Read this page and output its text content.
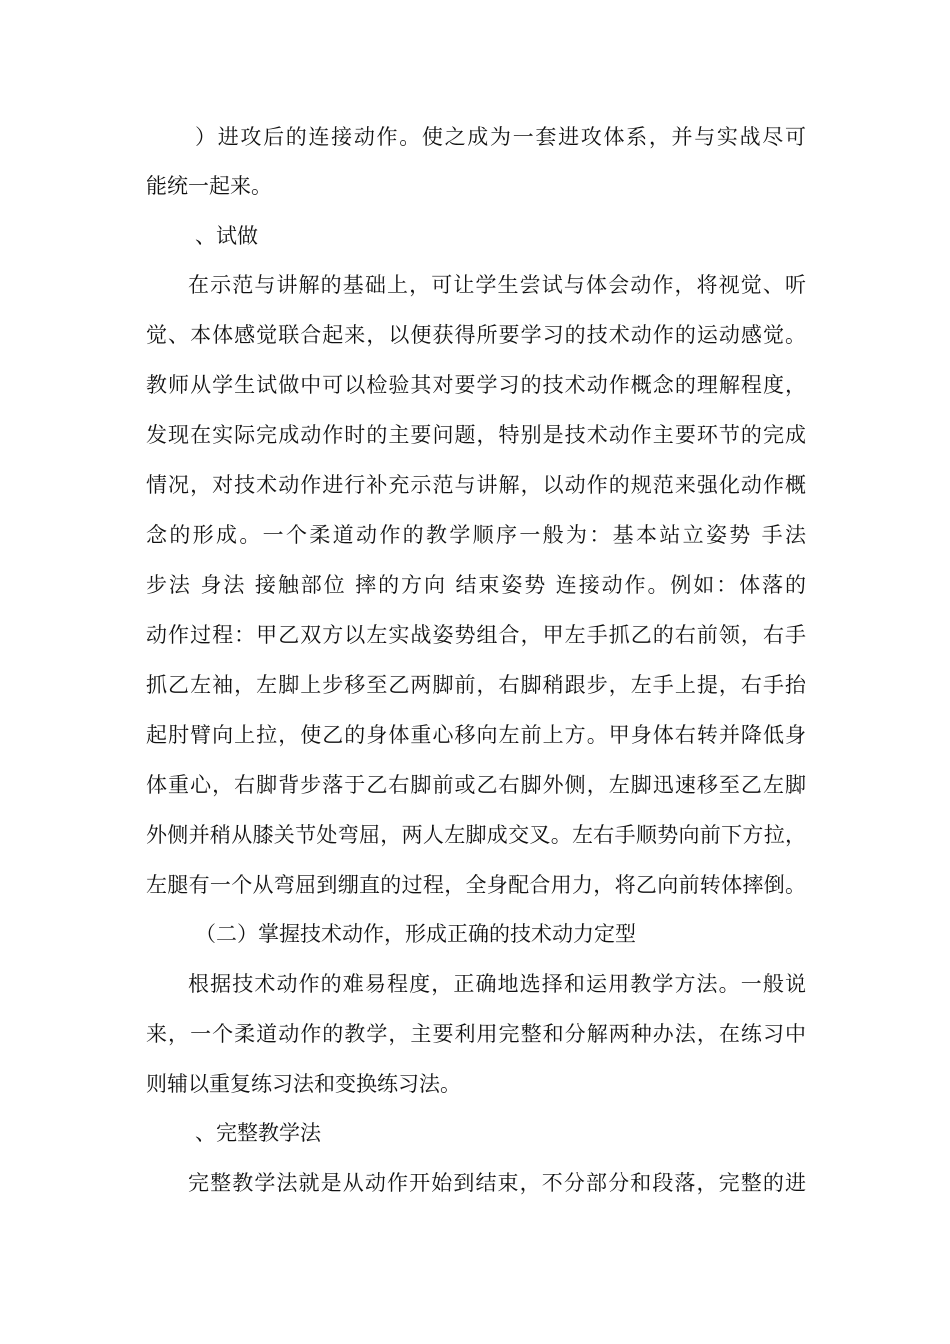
）进攻后的连接动作。使之成为一套进攻体系，并与实战尽可
能统一起来。
、试做
在示范与讲解的基础上，可让学生尝试与体会动作，将视觉、听
觉、本体感觉联合起来，以便获得所要学习的技术动作的运动感觉。
教师从学生试做中可以检验其对要学习的技术动作概念的理解程度，
发现在实际完成动作时的主要问题，特别是技术动作主要环节的完成
情况，对技术动作进行补充示范与讲解，以动作的规范来强化动作概
念的形成。一个柔道动作的教学顺序一般为：基本站立姿势 手法
步法 身法 接触部位 摔的方向 结束姿势 连接动作。例如：体落的
动作过程：甲乙双方以左实战姿势组合，甲左手抓乙的右前领，右手
抓乙左袖，左脚上步移至乙两脚前，右脚稍跟步，左手上提，右手抬
起肘臂向上拉，使乙的身体重心移向左前上方。甲身体右转并降低身
体重心，右脚背步落于乙右脚前或乙右脚外侧，左脚迅速移至乙左脚
外侧并稍从膝关节处弯屈，两人左脚成交叉。左右手顺势向前下方拉，
左腿有一个从弯屈到绷直的过程，全身配合用力，将乙向前转体摔倒。
（二）掌握技术动作，形成正确的技术动力定型
根据技术动作的难易程度，正确地选择和运用教学方法。一般说
来，一个柔道动作的教学，主要利用完整和分解两种办法，在练习中
则辅以重复练习法和变换练习法。
、完整教学法
完整教学法就是从动作开始到结束，不分部分和段落，完整的进
